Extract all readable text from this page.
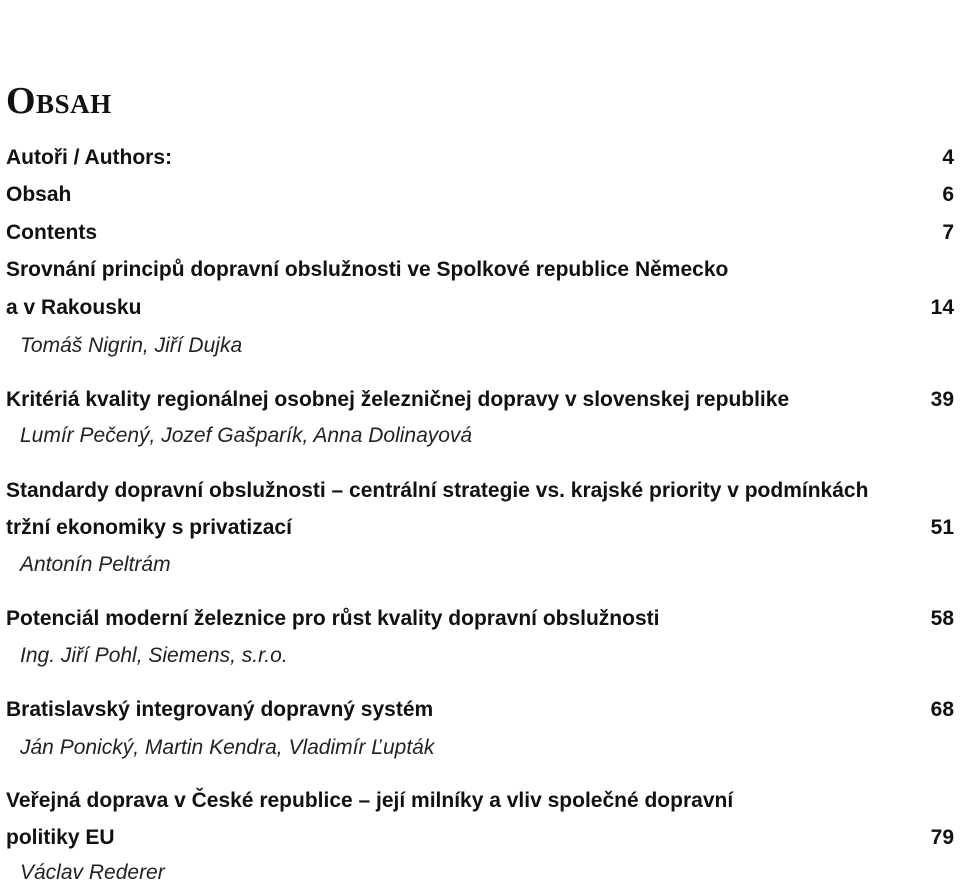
Obsah
Autoři / Authors:	4
Obsah	6
Contents	7
Srovnání principů dopravní obslužnosti ve Spolkové republice Německo
a v Rakousku	14
Tomáš Nigrin, Jiří Dujka
Kritériá kvality regionálnej osobnej železničnej dopravy v slovenskej republike	39
Lumír Pečený, Jozef Gašparík, Anna Dolinayová
Standardy dopravní obslužnosti – centrální strategie vs. krajské priority v podmínkách
tržní ekonomiky s privatizací	51
Antonín Peltrám
Potenciál moderní železnice pro růst kvality dopravní obslužnosti	58
Ing. Jiří Pohl, Siemens, s.r.o.
Bratislavský integrovaný dopravný systém	68
Ján Ponický, Martin Kendra, Vladimír Ľupták
Veřejná doprava v České republice – její milníky a vliv společné dopravní
politiky EU	79
Václav Rederer
